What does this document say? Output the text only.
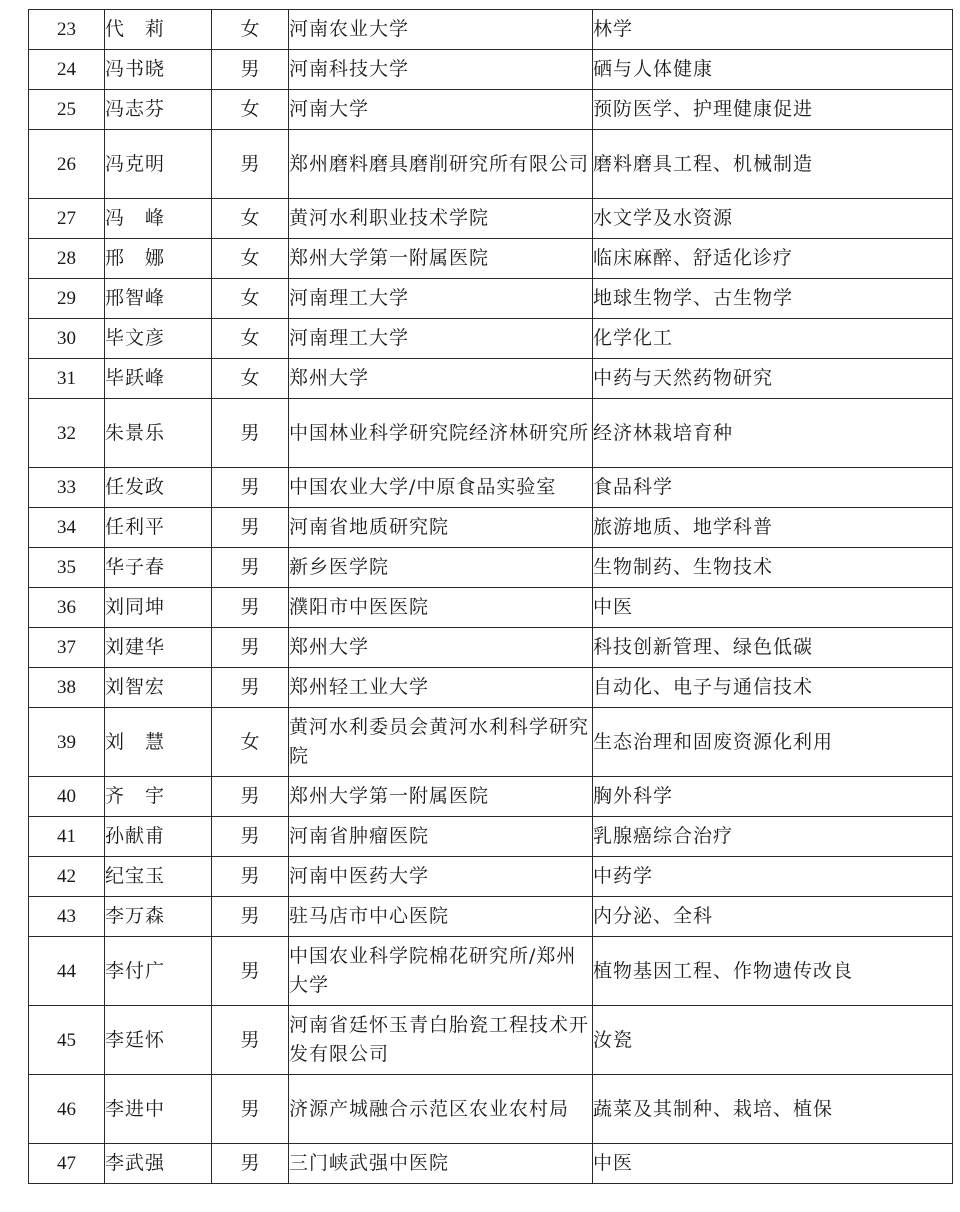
23	代　莉	女	河南农业大学	林学
24	冯书晓	男	河南科技大学	硒与人体健康
25	冯志芬	女	河南大学	预防医学、护理健康促进
26	冯克明	男	郑州磨料磨具磨削研究所有限公司	磨料磨具工程、机械制造
27	冯　峰	女	黄河水利职业技术学院	水文学及水资源
28	邢　娜	女	郑州大学第一附属医院	临床麻醉、舒适化诊疗
29	邢智峰	女	河南理工大学	地球生物学、古生物学
30	毕文彦	女	河南理工大学	化学化工
31	毕跃峰	女	郑州大学	中药与天然药物研究
32	朱景乐	男	中国林业科学研究院经济林研究所	经济林栽培育种
33	任发政	男	中国农业大学/中原食品实验室	食品科学
34	任利平	男	河南省地质研究院	旅游地质、地学科普
35	华子春	男	新乡医学院	生物制药、生物技术
36	刘同坤	男	濮阳市中医医院	中医
37	刘建华	男	郑州大学	科技创新管理、绿色低碳
38	刘智宏	男	郑州轻工业大学	自动化、电子与通信技术
39	刘　慧	女	黄河水利委员会黄河水利科学研究院	生态治理和固废资源化利用
40	齐　宇	男	郑州大学第一附属医院	胸外科学
41	孙献甫	男	河南省肿瘤医院	乳腺癌综合治疗
42	纪宝玉	男	河南中医药大学	中药学
43	李万森	男	驻马店市中心医院	内分泌、全科
44	李付广	男	中国农业科学院棉花研究所/郑州大学	植物基因工程、作物遗传改良
45	李廷怀	男	河南省廷怀玉青白胎瓷工程技术开发有限公司	汝瓷
46	李进中	男	济源产城融合示范区农业农村局	蔬菜及其制种、栽培、植保
47	李武强	男	三门峡武强中医院	中医
